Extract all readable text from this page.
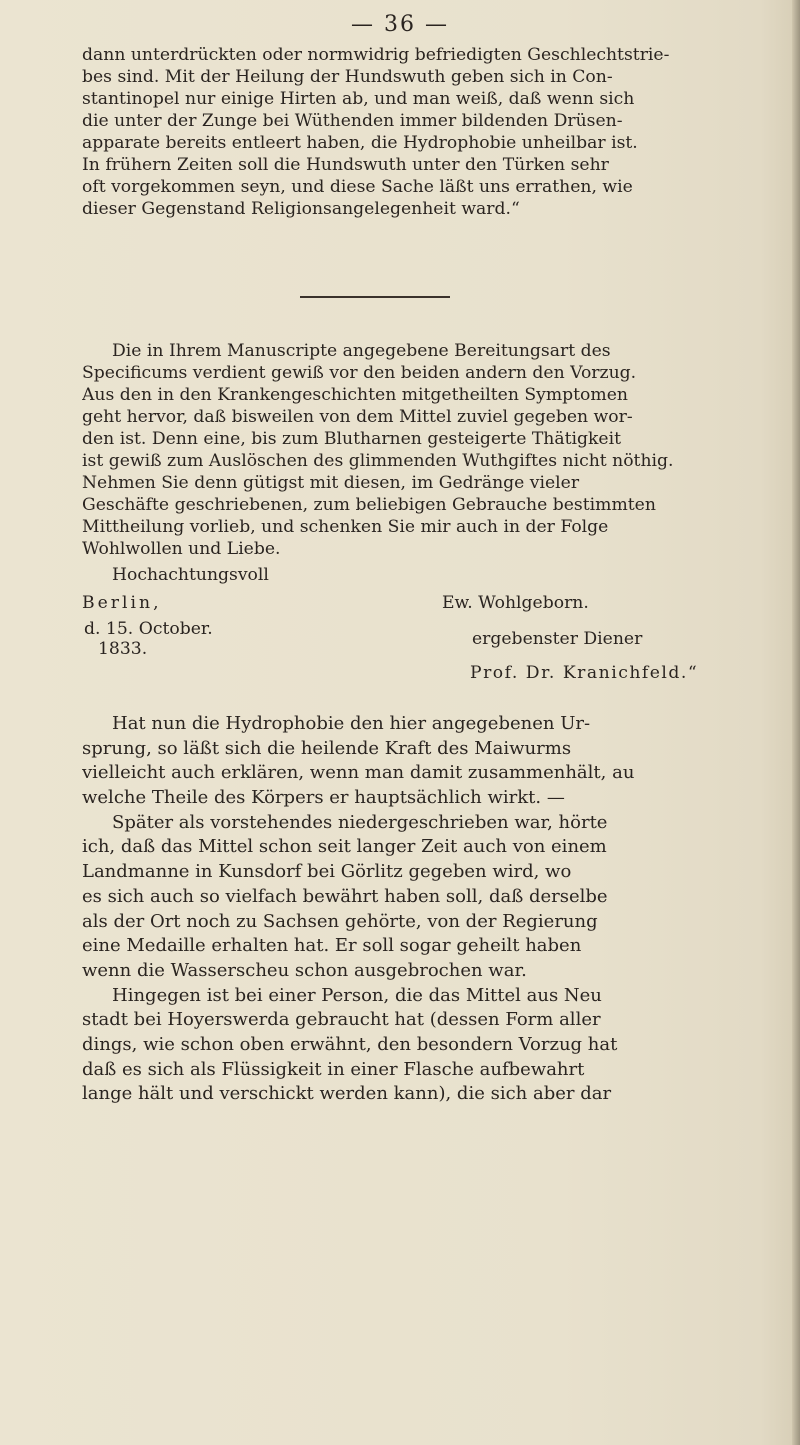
— 36 —
dann unterdrückten oder normwidrig befriedigten Geschlechtstrie-
bes sind. Mit der Heilung der Hundswuth geben sich in Con-
stantinopel nur einige Hirten ab, und man weiß, daß wenn sich
die unter der Zunge bei Wüthenden immer bildenden Drüsen-
apparate bereits entleert haben, die Hydrophobie unheilbar ist.
In frühern Zeiten soll die Hundswuth unter den Türken sehr
oft vorgekommen seyn, und diese Sache läßt uns errathen, wie
dieser Gegenstand Religionsangelegenheit ward.“
Die in Ihrem Manuscripte angegebene Bereitungsart des
Specificums verdient gewiß vor den beiden andern den Vorzug.
Aus den in den Krankengeschichten mitgetheilten Symptomen
geht hervor, daß bisweilen von dem Mittel zuviel gegeben wor-
den ist. Denn eine, bis zum Blutharnen gesteigerte Thätigkeit
ist gewiß zum Auslöschen des glimmenden Wuthgiftes nicht nöthig.
Nehmen Sie denn gütigst mit diesen, im Gedränge vieler
Geschäfte geschriebenen, zum beliebigen Gebrauche bestimmten
Mittheilung vorlieb, und schenken Sie mir auch in der Folge
Wohlwollen und Liebe.
Hochachtungsvoll
Berlin,
d. 15. October.
1833.
Ew. Wohlgeborn.
ergebenster Diener
Prof. Dr. Kranichfeld.“
Hat nun die Hydrophobie den hier angegebenen Ur-
sprung, so läßt sich die heilende Kraft des Maiwurms
vielleicht auch erklären, wenn man damit zusammenhält, au
welche Theile des Körpers er hauptsächlich wirkt. —
Später als vorstehendes niedergeschrieben war, hörte
ich, daß das Mittel schon seit langer Zeit auch von einem
Landmanne in Kunsdorf bei Görlitz gegeben wird, wo
es sich auch so vielfach bewährt haben soll, daß derselbe
als der Ort noch zu Sachsen gehörte, von der Regierung
eine Medaille erhalten hat. Er soll sogar geheilt haben
wenn die Wasserscheu schon ausgebrochen war.
Hingegen ist bei einer Person, die das Mittel aus Neu
stadt bei Hoyerswerda gebraucht hat (dessen Form aller
dings, wie schon oben erwähnt, den besondern Vorzug hat
daß es sich als Flüssigkeit in einer Flasche aufbewahrt
lange hält und verschickt werden kann), die sich aber dar
